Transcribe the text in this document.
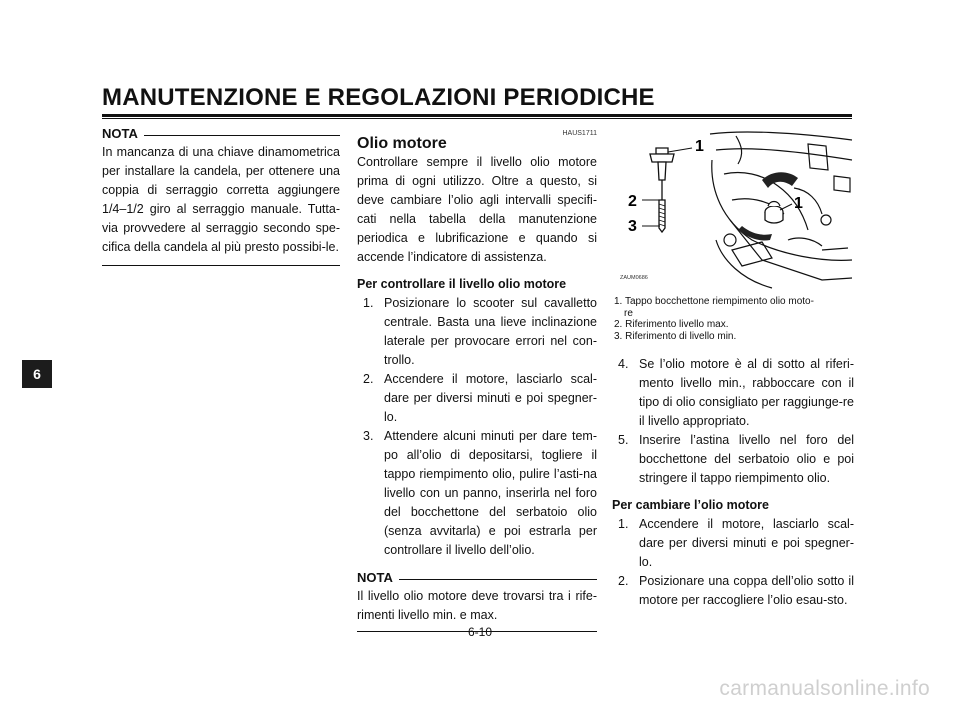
MANUTENZIONE E REGOLAZIONI PERIODICHE
6
NOTA
In mancanza di una chiave dinamometrica per installare la candela, per ottenere una coppia di serraggio corretta aggiungere 1/4–1/2 giro al serraggio manuale. Tutta-via provvedere al serraggio secondo spe-cifica della candela al più presto possibi-le.
HAUS1711
Olio motore
Controllare sempre il livello olio motore prima di ogni utilizzo. Oltre a questo, si deve cambiare l’olio agli intervalli specifi-cati nella tabella della manutenzione periodica e lubrificazione e quando si accende l’indicatore di assistenza.
Per controllare il livello olio motore
1. Posizionare lo scooter sul cavalletto centrale. Basta una lieve inclinazione laterale per provocare errori nel con-trollo.
2. Accendere il motore, lasciarlo scal-dare per diversi minuti e poi spegner-lo.
3. Attendere alcuni minuti per dare tem-po all’olio di depositarsi, togliere il tappo riempimento olio, pulire l’asti-na livello con un panno, inserirla nel foro del bocchettone del serbatoio olio (senza avvitarla) e poi estrarla per controllare il livello dell’olio.
NOTA
Il livello olio motore deve trovarsi tra i rife-rimenti livello min. e max.
1
2
3
1
ZAUM0686
1. Tappo bocchettone riempimento olio moto-
re
2. Riferimento livello max.
3. Riferimento di livello min.
4. Se l’olio motore è al di sotto al riferi-mento livello min., rabboccare con il tipo di olio consigliato per raggiunge-re il livello appropriato.
5. Inserire l’astina livello nel foro del bocchettone del serbatoio olio e poi stringere il tappo riempimento olio.
Per cambiare l’olio motore
1. Accendere il motore, lasciarlo scal-dare per diversi minuti e poi spegner-lo.
2. Posizionare una coppa dell’olio sotto il motore per raccogliere l’olio esau-sto.
6-10
carmanualsonline.info
